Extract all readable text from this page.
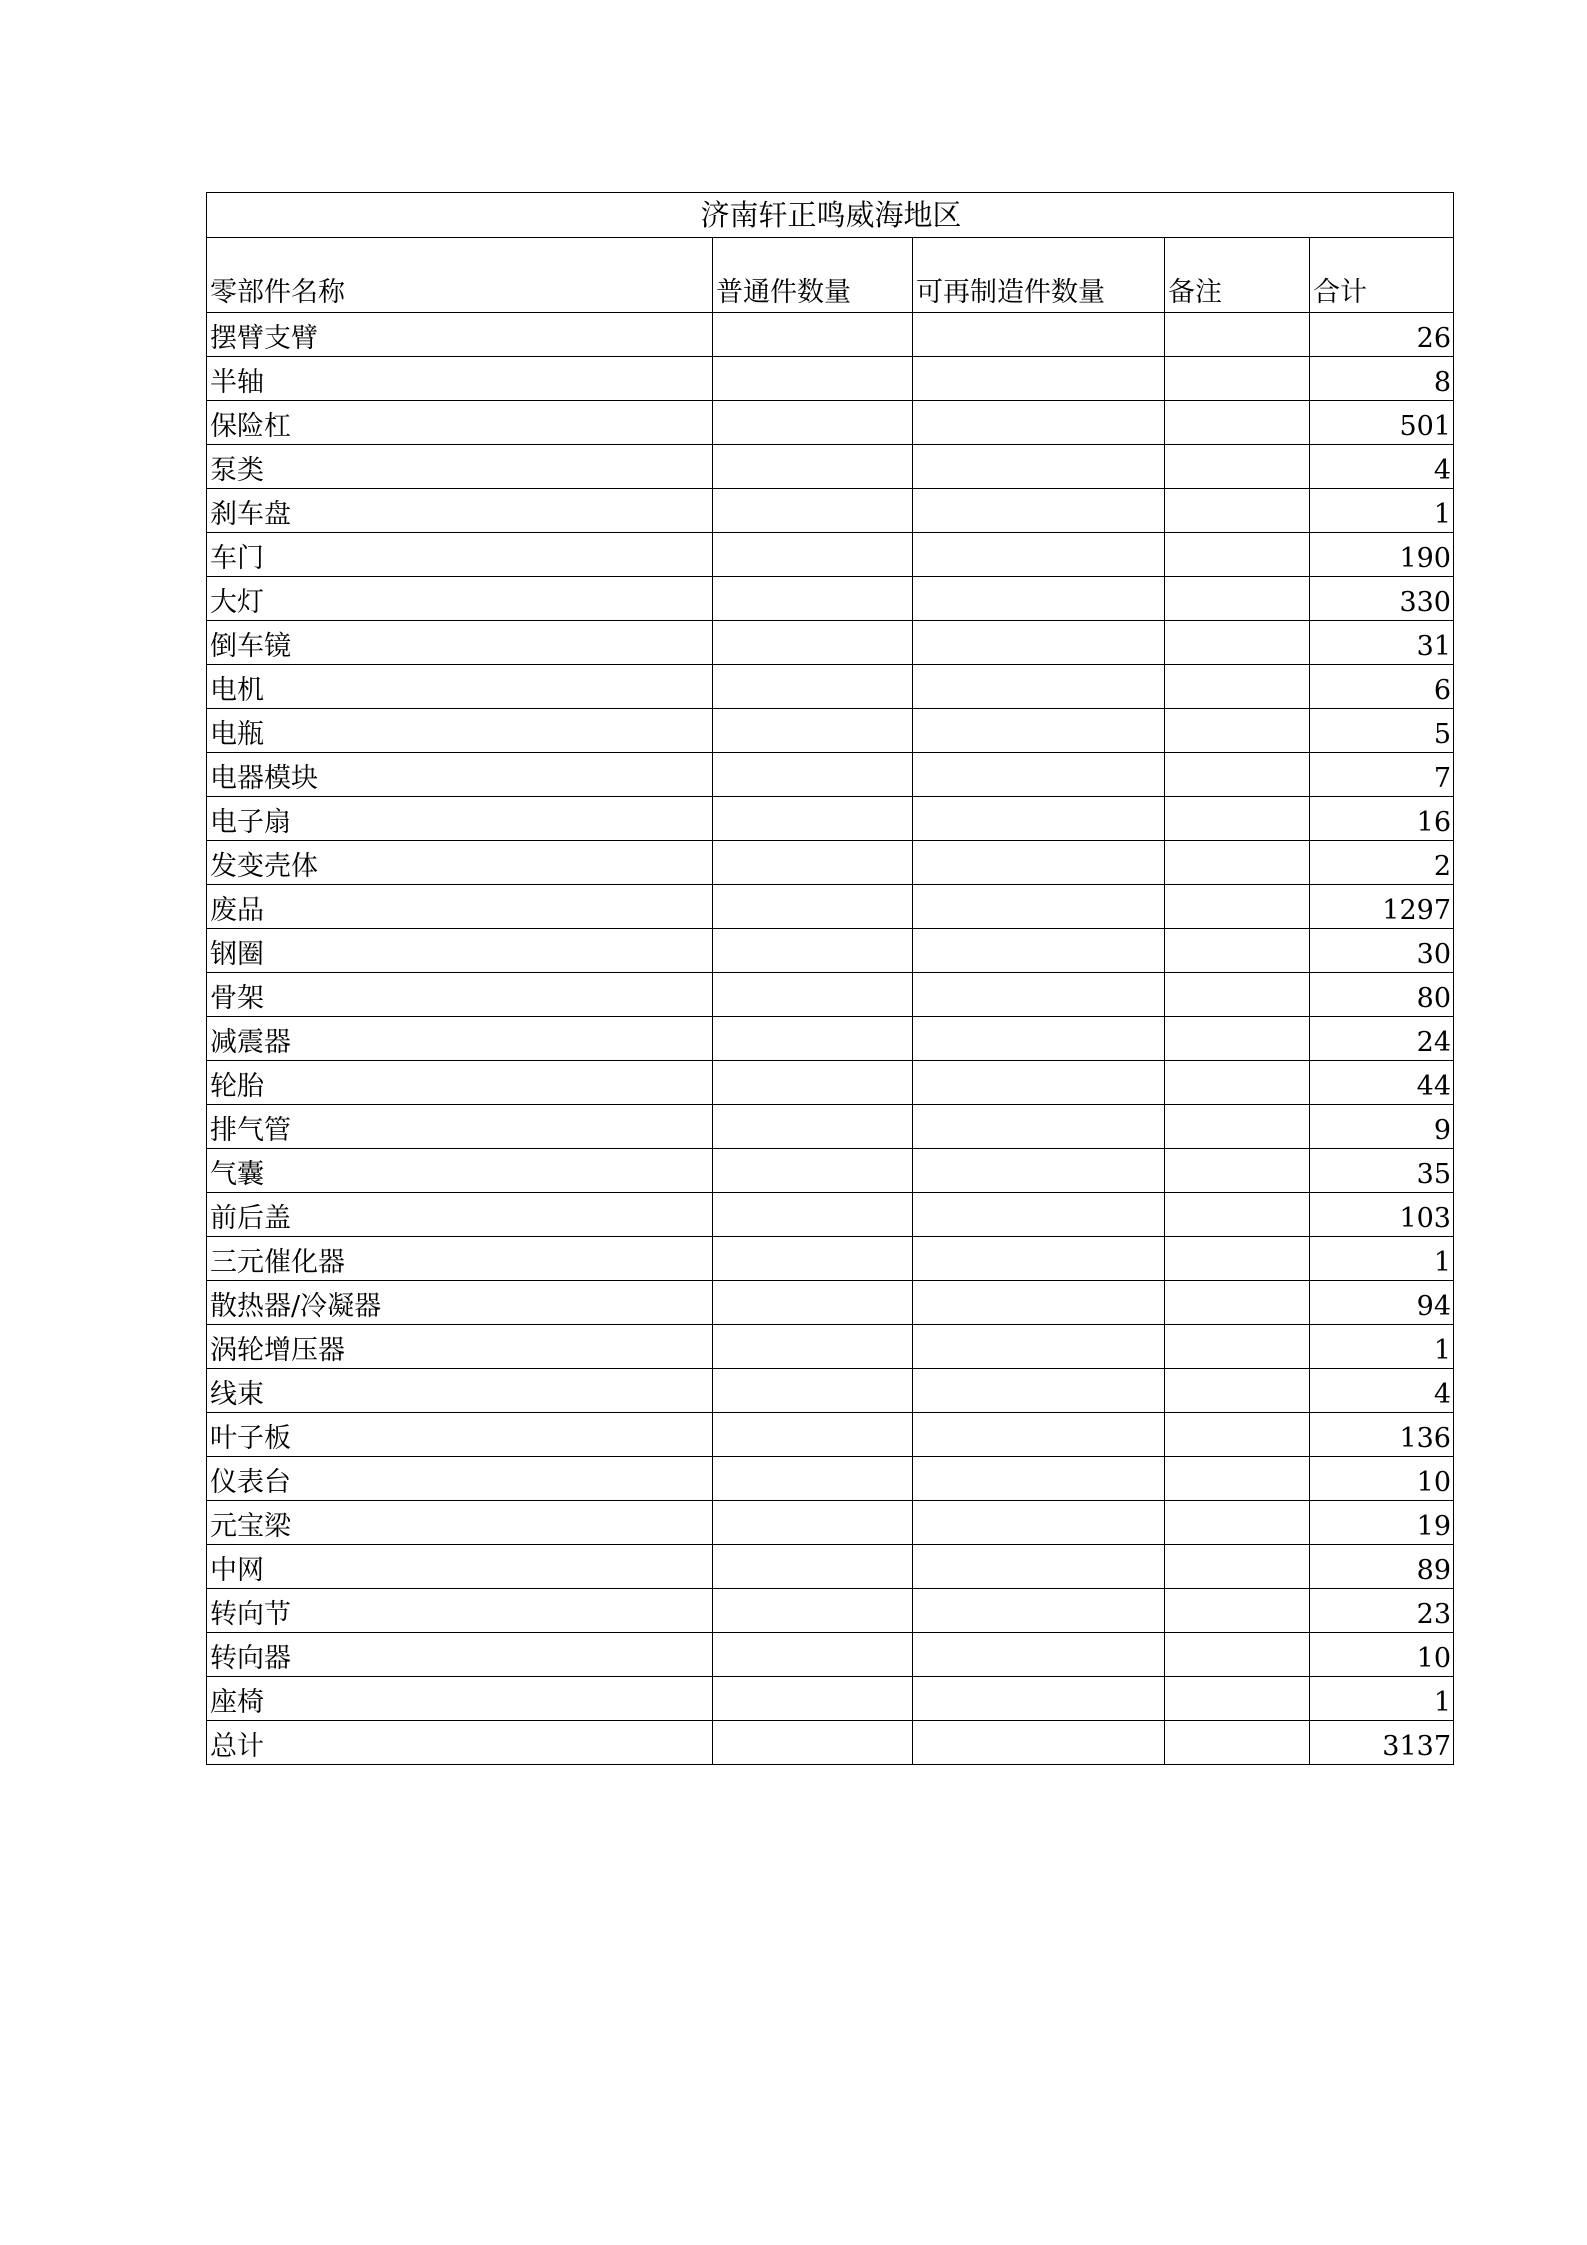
济南轩正鸣威海地区				
零部件名称	普通件数量	可再制造件数量	备注	合计
摆臂支臂				26
半轴				8
保险杠				501
泵类				4
刹车盘				1
车门				190
大灯				330
倒车镜				31
电机				6
电瓶				5
电器模块				7
电子扇				16
发变壳体				2
废品				1297
钢圈				30
骨架				80
减震器				24
轮胎				44
排气管				9
气囊				35
前后盖				103
三元催化器				1
散热器/冷凝器				94
涡轮增压器				1
线束				4
叶子板				136
仪表台				10
元宝梁				19
中网				89
转向节				23
转向器				10
座椅				1
总计				3137
